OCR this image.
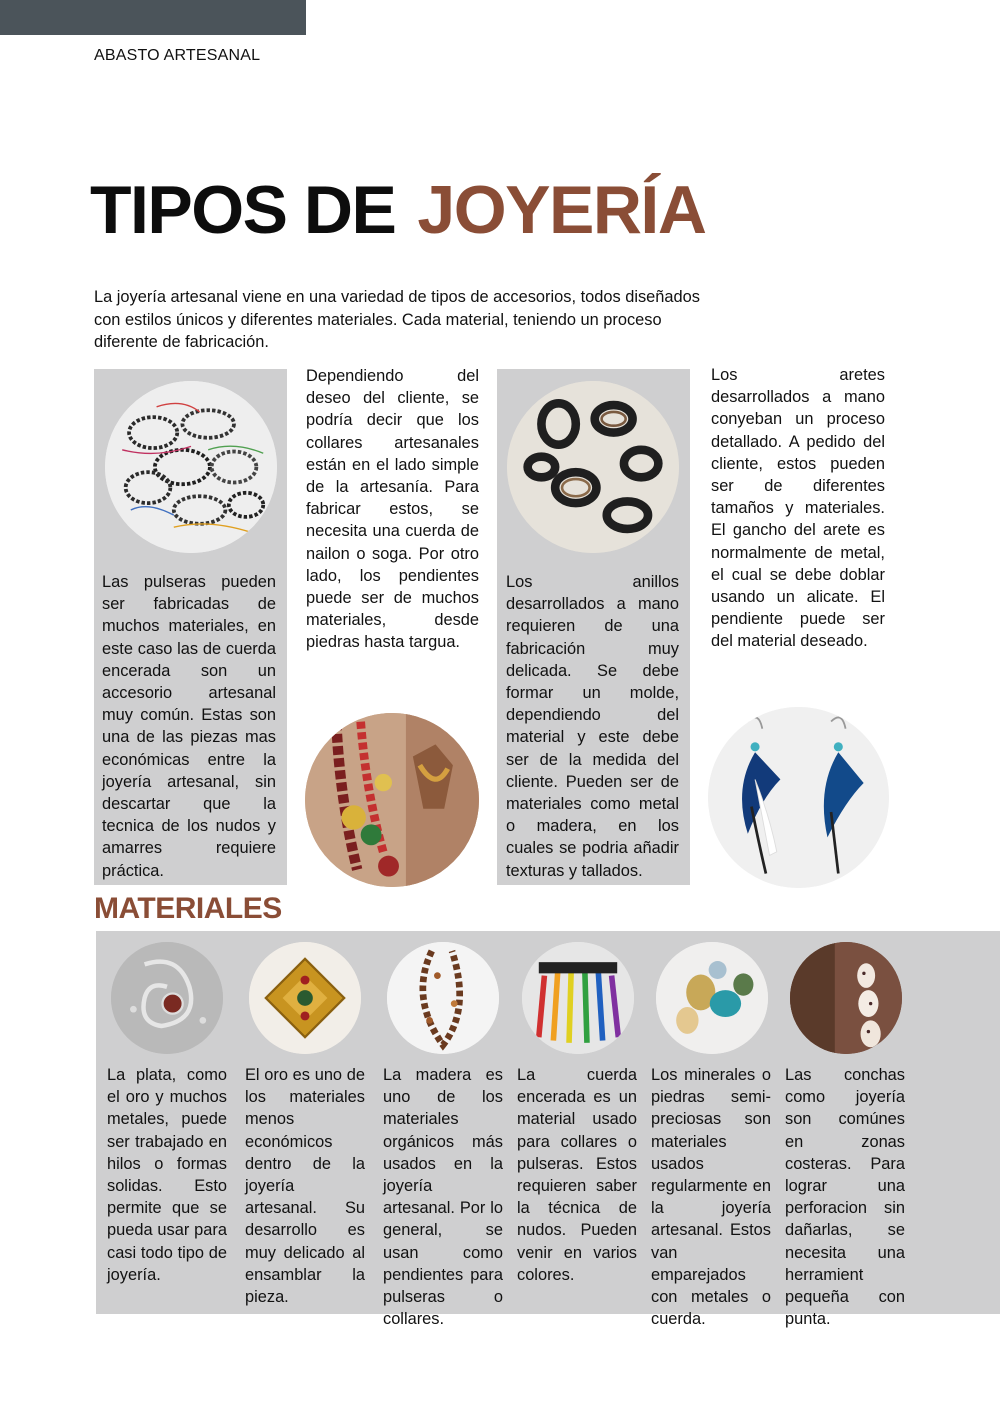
ABASTO ARTESANAL
TIPOS DE JOYERÍA
La joyería artesanal viene en una variedad de tipos de accesorios, todos diseñados con estilos únicos y diferentes materiales. Cada material, teniendo un proceso diferente de fabricación.
Las pulseras pueden ser fabricadas de muchos materiales, en este caso las de cuerda encerada son un accesorio artesanal muy común. Estas son una de las piezas mas económicas entre la joyería artesanal, sin descartar que la tecnica de los nudos y amarres requiere práctica.
Dependiendo del deseo del cliente, se podría decir que los collares artesanales están en el lado simple de la artesanía. Para fabricar estos, se necesita una cuerda de nailon o soga. Por otro lado, los pendientes puede ser de muchos materiales, desde piedras hasta targua.
Los anillos desarrollados a mano requieren de una fabricación muy delicada. Se debe formar un molde, dependiendo del material y este debe ser de la medida del cliente. Pueden ser de materiales como metal o madera, en los cuales se podria añadir texturas y tallados.
Los aretes desarrollados a mano conyeban un proceso detallado. A pedido del cliente, estos pueden ser de diferentes tamaños y materiales. El gancho del arete es normalmente de metal, el cual se debe doblar usando un alicate. El pendiente puede ser del material deseado.
MATERIALES
La plata, como el oro y muchos metales, puede ser trabajado en hilos o formas solidas. Esto permite que se pueda usar para casi todo tipo de joyería.
El oro es uno de los materiales menos económicos dentro de la joyería artesanal. Su desarrollo es muy delicado al ensamblar la pieza.
La madera es uno de los materiales orgánicos más usados en la joyería artesanal. Por lo general, se usan como pendientes para pulseras o collares.
La cuerda encerada es un material usado para collares o pulseras. Estos requieren saber la técnica de nudos. Pueden venir en varios colores.
Los minerales o piedras semi-preciosas son materiales usados regularmente en la joyería artesanal. Estos van emparejados con metales o cuerda.
Las conchas como joyería son comúnes en zonas costeras. Para lograr una perforacion sin dañarlas, se necesita una herramient pequeña con punta.
